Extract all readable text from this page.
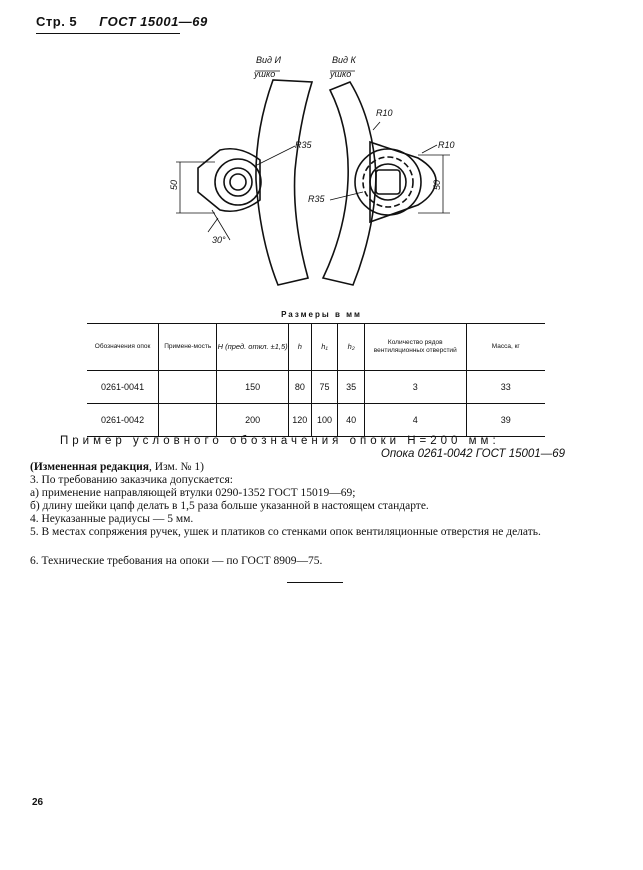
Стр. 5 ГОСТ 15001—69
Вид И
ушко
Вид К
ушко
R35
50
30°
R10
R10
R35
50
Размеры в мм
Обозначения опок	Примене-мость	H (пред. откл. ±1,5)	h	h₁	h₂	Количество рядов вентиляционных отверстий	Масса, кг
0261-0041		150	80	75	35	3	33
0261-0042		200	120	100	40	4	39
Пример условного обозначения опоки H=200 мм:
Опока 0261-0042 ГОСТ 15001—69
(Измененная редакция, Изм. № 1)
3. По требованию заказчика допускается:
а) применение направляющей втулки 0290-1352 ГОСТ 15019—69;
б) длину шейки цапф делать в 1,5 раза больше указанной в настоящем стандарте.
4. Неуказанные радиусы — 5 мм.
5. В местах сопряжения ручек, ушек и платиков со стенками опок вентиляционные отверстия не делать.
6. Технические требования на опоки — по ГОСТ 8909—75.
26
